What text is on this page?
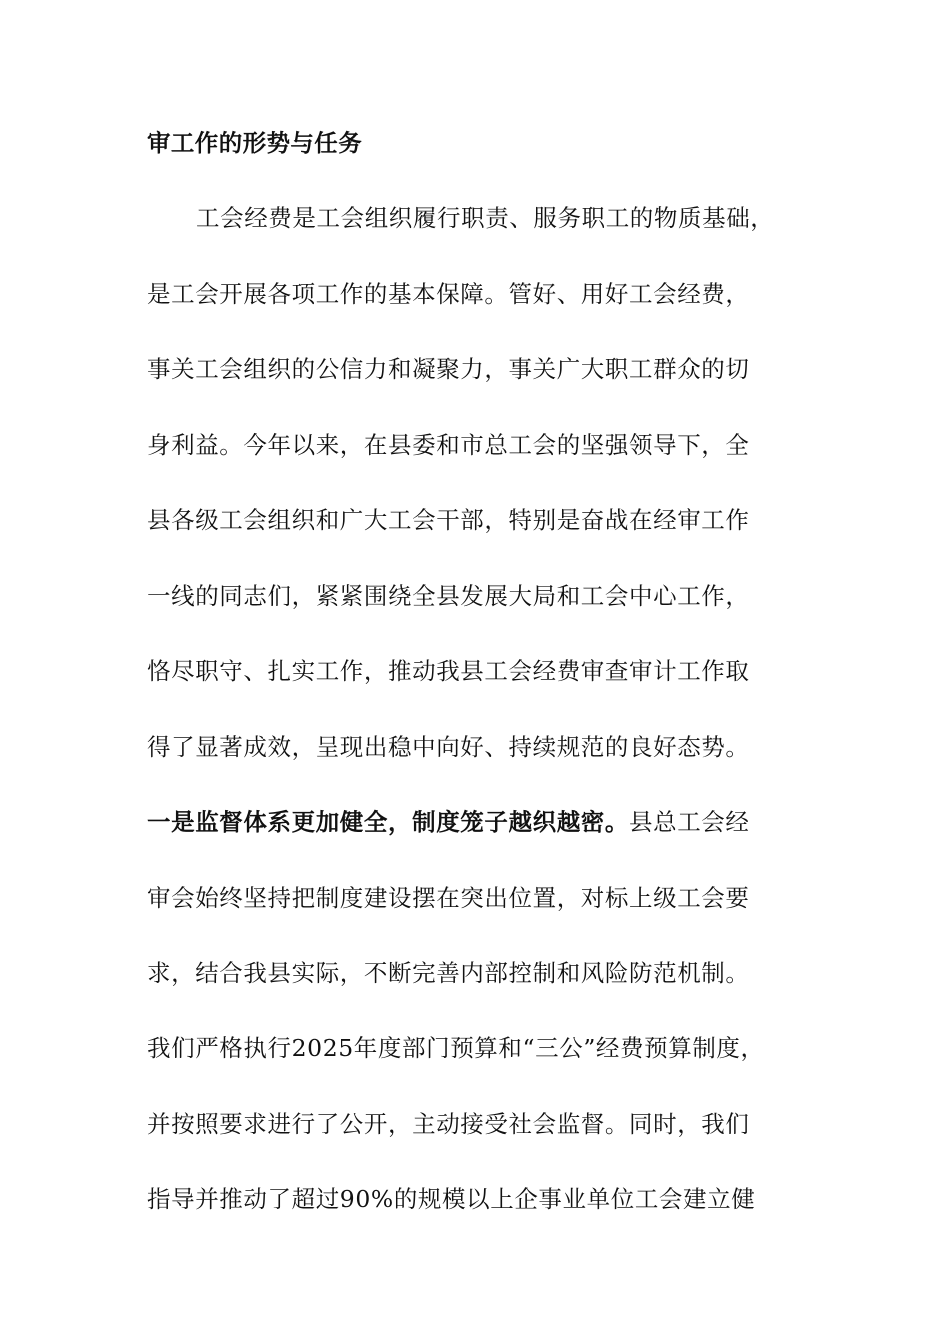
审工作的形势与任务
工会经费是工会组织履行职责、服务职工的物质基础，
是工会开展各项工作的基本保障。管好、用好工会经费，
事关工会组织的公信力和凝聚力，事关广大职工群众的切
身利益。今年以来，在县委和市总工会的坚强领导下，全
县各级工会组织和广大工会干部，特别是奋战在经审工作
一线的同志们，紧紧围绕全县发展大局和工会中心工作，
恪尽职守、扎实工作，推动我县工会经费审查审计工作取
得了显著成效，呈现出稳中向好、持续规范的良好态势。
一是监督体系更加健全，制度笼子越织越密。县总工会经
审会始终坚持把制度建设摆在突出位置，对标上级工会要
求，结合我县实际，不断完善内部控制和风险防范机制。
我们严格执行2025年度部门预算和“三公”经费预算制度，
并按照要求进行了公开，主动接受社会监督。同时，我们
指导并推动了超过90%的规模以上企事业单位工会建立健
